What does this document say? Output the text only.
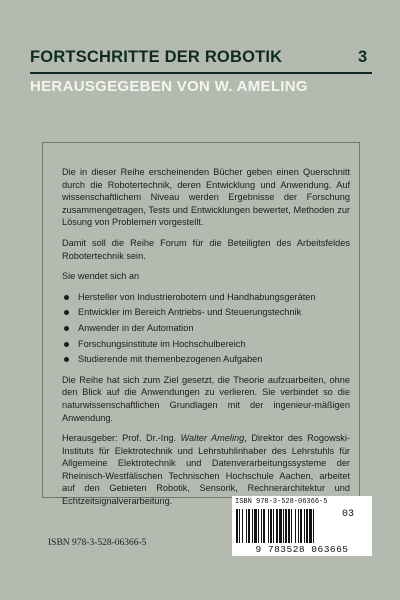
FORTSCHRITTE DER ROBOTIK	3
HERAUSGEGEBEN VON W. AMELING

Die in dieser Reihe erscheinenden Bücher geben einen Querschnitt durch die Robotertechnik, deren Entwicklung und Anwendung. Auf wissenschaftlichem Niveau werden Ergebnisse der Forschung zusammengetragen, Tests und Entwicklungen bewertet, Methoden zur Lösung von Problemen vorgestellt.

Damit soll die Reihe Forum für die Beteiligten des Arbeitsfeldes Robotertechnik sein.

Sie wendet sich an

Hersteller von Industrierobotern und Handhabungsgeräten
Entwickler im Bereich Antriebs- und Steuerungstechnik
Anwender in der Automation
Forschungsinstitute im Hochschulbereich
Studierende mit themenbezogenen Aufgaben

Die Reihe hat sich zum Ziel gesetzt, die Theorie aufzuarbeiten, ohne den Blick auf die Anwendungen zu verlieren. Sie verbindet so die naturwissenschaftlichen Grundlagen mit der ingenieur-mäßigen Anwendung.

Herausgeber: Prof. Dr.-Ing. Walter Ameling, Direktor des Rogowski-Instituts für Elektrotechnik und Lehrstuhlinhaber des Lehrstuhls für Allgemeine Elektrotechnik und Datenverarbeitungssysteme der Rheinisch-Westfälischen Technischen Hochschule Aachen, arbeitet auf den Gebieten Robotik, Sensorik, Rechnerarchitektur und Echtzeitsignalverarbeitung.	ISBN 978-3-528-06366-5
03
9 783528 063665
ISBN 978-3-528-06366-5
